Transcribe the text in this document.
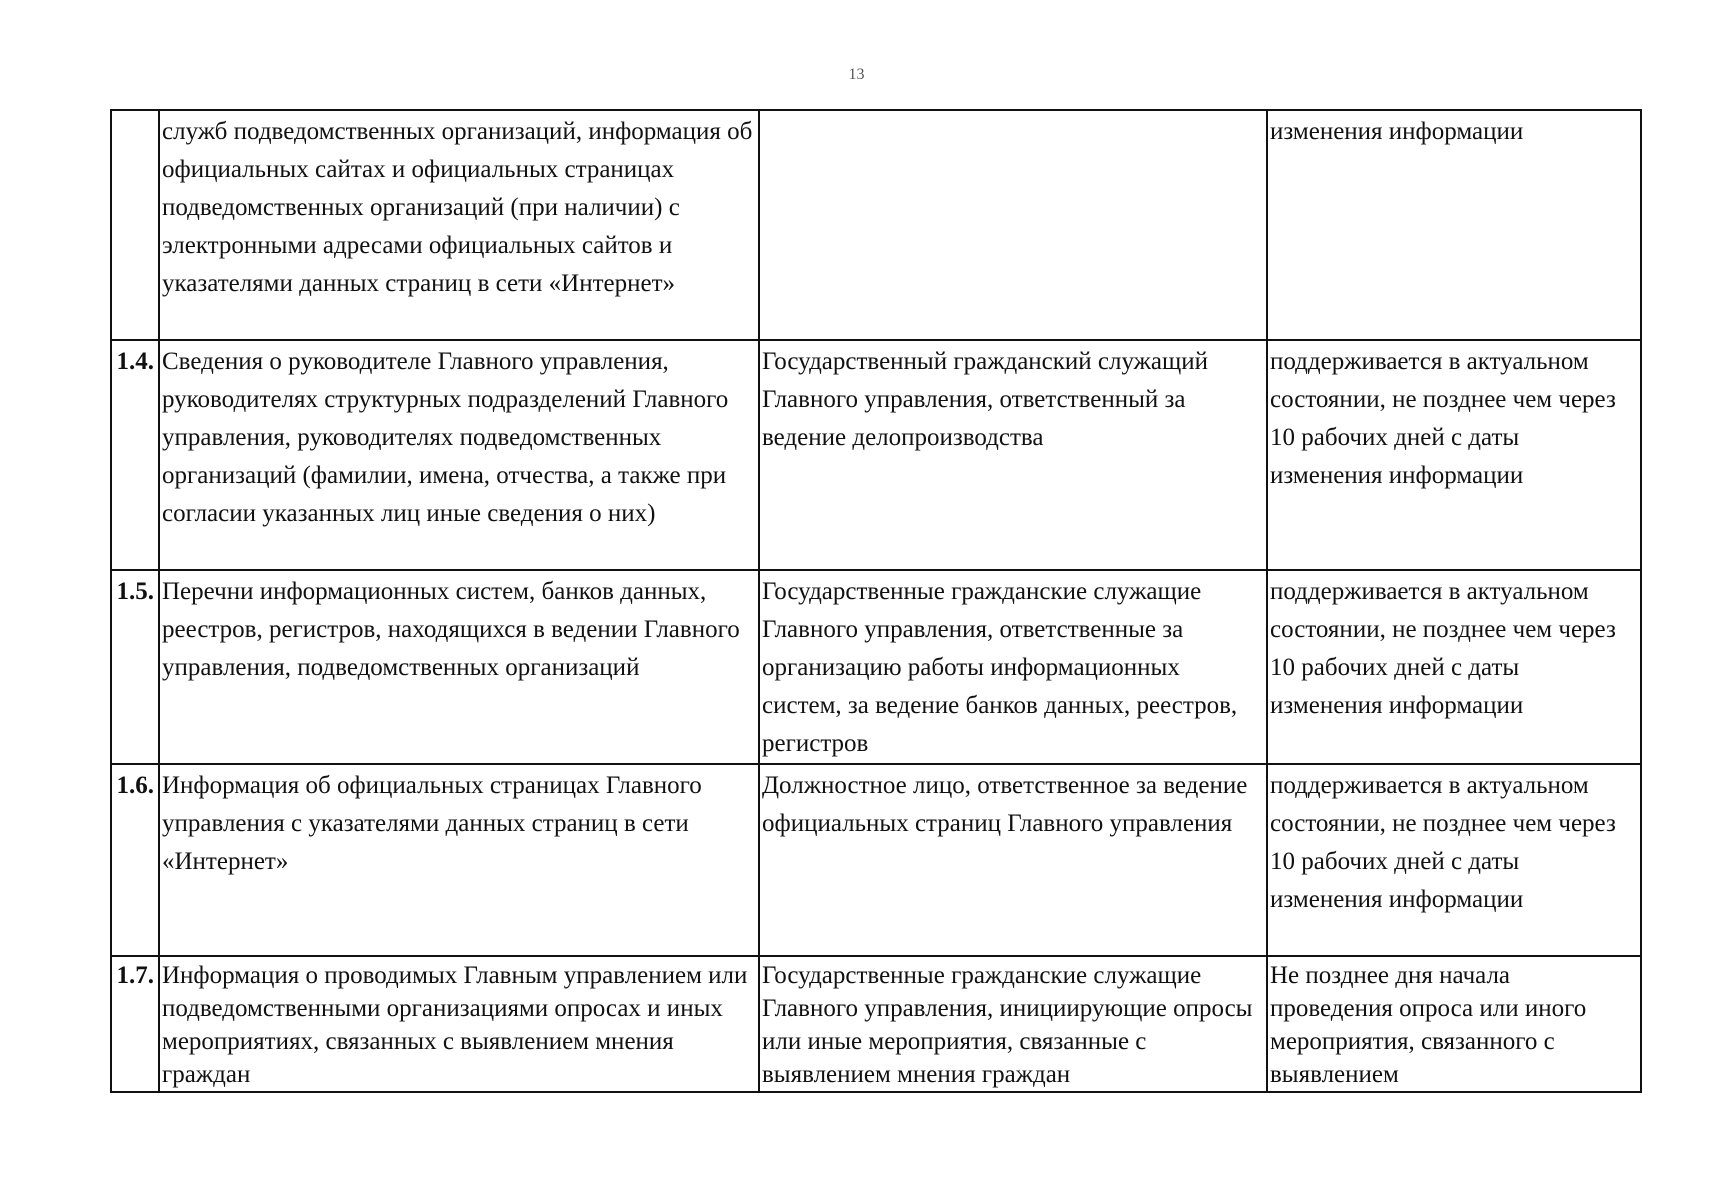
13
	служб подведомственных организаций, информация об официальных сайтах и официальных страницах подведомственных организаций (при наличии) с электронными адресами официальных сайтов и указателями данных страниц в сети «Интернет»		изменения информации
1.4.	Сведения о руководителе Главного управления, руководителях структурных подразделений Главного управления, руководителях подведомственных организаций (фамилии, имена, отчества, а также при согласии указанных лиц иные сведения о них)	Государственный гражданский служащий Главного управления, ответственный за ведение делопроизводства	поддерживается в актуальном состоянии, не позднее чем через 10 рабочих дней с даты изменения информации
1.5.	Перечни информационных систем, банков данных, реестров, регистров, находящихся в ведении Главного управления, подведомственных организаций	Государственные гражданские служащие Главного управления, ответственные за организацию работы информационных систем, за ведение банков данных, реестров, регистров	поддерживается в актуальном состоянии, не позднее чем через 10 рабочих дней с даты изменения информации
1.6.	Информация об официальных страницах Главного управления с указателями данных страниц в сети «Интернет»	Должностное лицо, ответственное за ведение официальных страниц Главного управления	поддерживается в актуальном состоянии, не позднее чем через 10 рабочих дней с даты изменения информации
1.7.	Информация о проводимых Главным управлением или подведомственными организациями опросах и иных мероприятиях, связанных с выявлением мнения граждан	Государственные гражданские служащие Главного управления, инициирующие опросы или иные мероприятия, связанные с выявлением мнения граждан	Не позднее дня начала проведения опроса или иного мероприятия, связанного с выявлением
